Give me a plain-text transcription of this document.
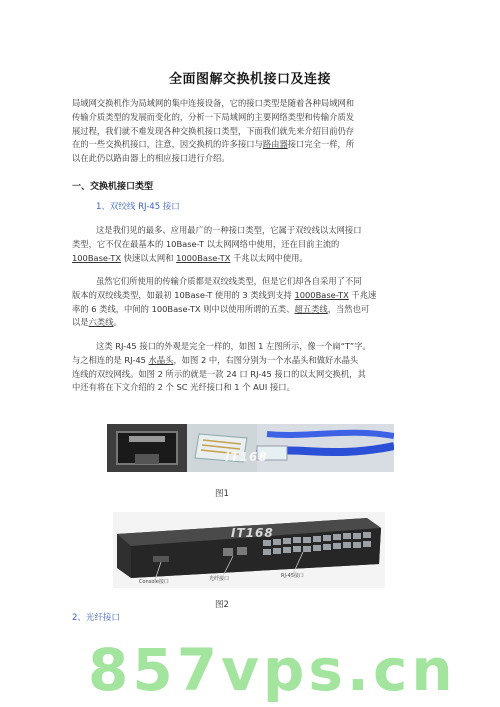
全面图解交换机接口及连接
局域网交换机作为局域网的集中连接设备，它的接口类型是随着各种局域网和
传输介质类型的发展而变化的，分析一下局域网的主要网络类型和传输介质发
展过程，我们就不难发现各种交换机接口类型，下面我们就先来介绍目前仍存
在的一些交换机接口，注意，因交换机的许多接口与路由器接口完全一样，所
以在此仍以路由器上的相应接口进行介绍。
一、交换机接口类型
1、双绞线 RJ-45 接口
这是我们见的最多、应用最广的一种接口类型，它属于双绞线以太网接口
类型，它不仅在最基本的 10Base-T 以太网网络中使用，还在目前主流的
100Base-TX 快速以太网和 1000Base-TX 千兆以太网中使用。
虽然它们所使用的传输介质都是双绞线类型，但是它们却各自采用了不同
版本的双绞线类型，如最初 10Base-T 使用的 3 类线到支持 1000Base-TX 千兆速
率的 6 类线，中间的 100Base-TX 则中以使用所谓的五类、超五类线，当然也可
以是六类线。
这类 RJ-45 接口的外观是完全一样的，如图 1 左图所示，像一个扁“T”字。
与之相连的是 RJ-45 水晶头，如图 2 中，右图分别为一个水晶头和做好水晶头
连线的双绞网线。如图 2 所示的就是一款 24 口 RJ-45 接口的以太网交换机，其
中还有将在下文介绍的 2 个 SC 光纤接口和 1 个 AUI 接口。
IT168
图1
IT168
Console接口	光纤接口	RJ-45接口
图2
2、光纤接口
857vps.cn
